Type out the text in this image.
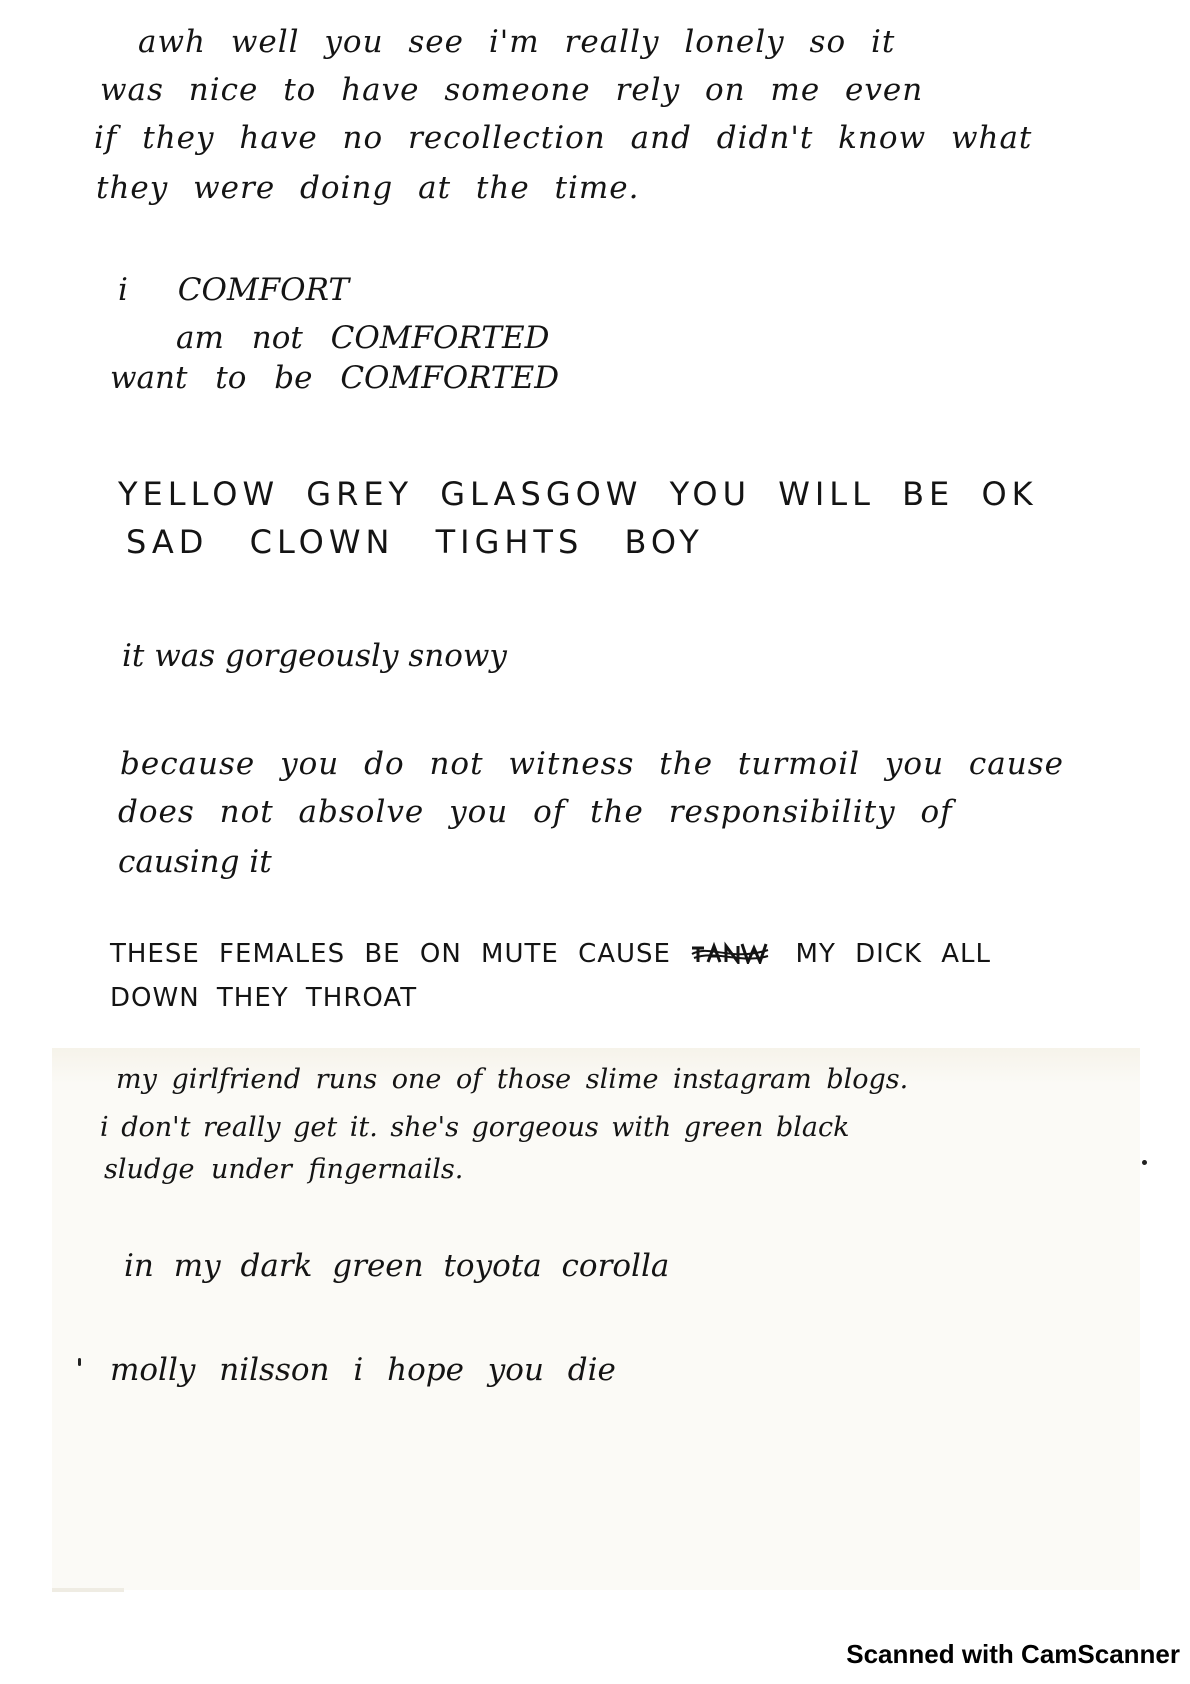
awh well you see i'm really lonely so it
was nice to have someone rely on me even
if they have no recollection and didn't know what
they were doing at the time.
i COMFORT
am not COMFORTED
want to be COMFORTED
YELLOW GREY GLASGOW YOU WILL BE OK
SAD CLOWN TIGHTS BOY
it was gorgeously snowy
because you do not witness the turmoil you cause
does not absolve you of the responsibility of
causing it
THESE FEMALES BE ON MUTE CAUSE	MY DICK ALL
DOWN THEY THROAT
my girlfriend runs one of those slime instagram blogs.
i don't really get it. she's gorgeous with green black
sludge under fingernails.
in my dark green toyota corolla
molly nilsson i hope you die
Scanned with CamScanner
